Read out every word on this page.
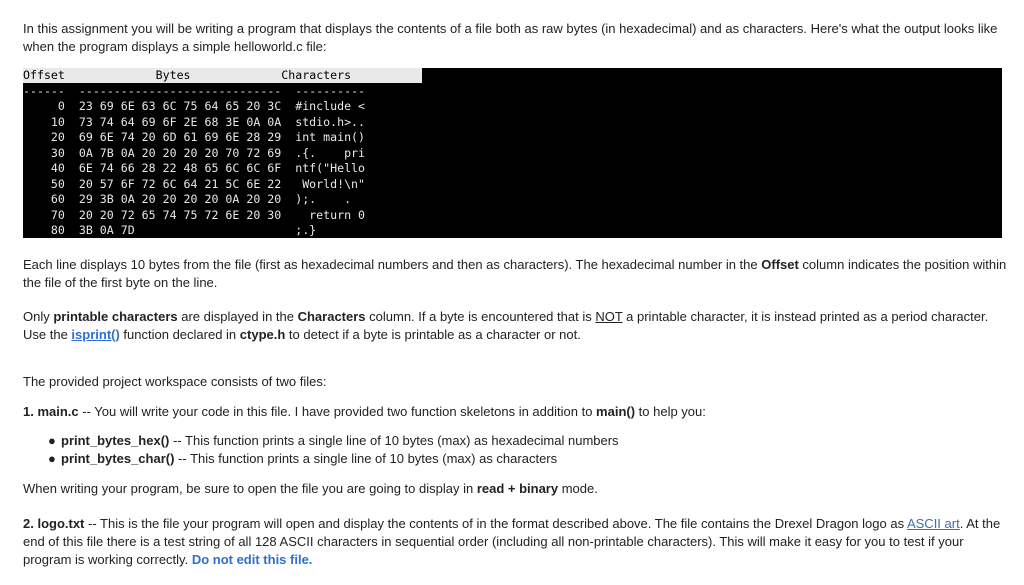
In this assignment you will be writing a program that displays the contents of a file both as raw bytes (in hexadecimal) and as characters. Here's what the output looks like when the program displays a simple helloworld.c file:

Offset	Bytes	Characters
------ ----------------------------- ----------
0 23 69 6E 63 6C 75 64 65 20 3C #include <
10 73 74 64 69 6F 2E 68 3E 0A 0A stdio.h>..
20 69 6E 74 20 6D 61 69 6E 28 29 int main()
30 0A 7B 0A 20 20 20 20 70 72 69 .{.    pri
40 6E 74 66 28 22 48 65 6C 6C 6F ntf("Hello
50 20 57 6F 72 6C 64 21 5C 6E 22   World!\n"
60 29 3B 0A 20 20 20 20 0A 20 20 );.    .
70 20 20 72 65 74 75 72 6E 20 30    return 0
80 3B 0A 7D	;.}

Each line displays 10 bytes from the file (first as hexadecimal numbers and then as characters). The hexadecimal number in the Offset column indicates the position within the file of the first byte on the line.

Only printable characters are displayed in the Characters column. If a byte is encountered that is NOT a printable character, it is instead printed as a period character. Use the isprint() function declared in ctype.h to detect if a byte is printable as a character or not.

The provided project workspace consists of two files:

1. main.c -- You will write your code in this file. I have provided two function skeletons in addition to main() to help you:

● print_bytes_hex() -- This function prints a single line of 10 bytes (max) as hexadecimal numbers
● print_bytes_char() -- This function prints a single line of 10 bytes (max) as characters

When writing your program, be sure to open the file you are going to display in read + binary mode.

2. logo.txt -- This is the file your program will open and display the contents of in the format described above. The file contains the Drexel Dragon logo as ASCII art. At the end of this file there is a test string of all 128 ASCII characters in sequential order (including all non-printable characters). This will make it easy for you to test if your program is working correctly. Do not edit this file.
